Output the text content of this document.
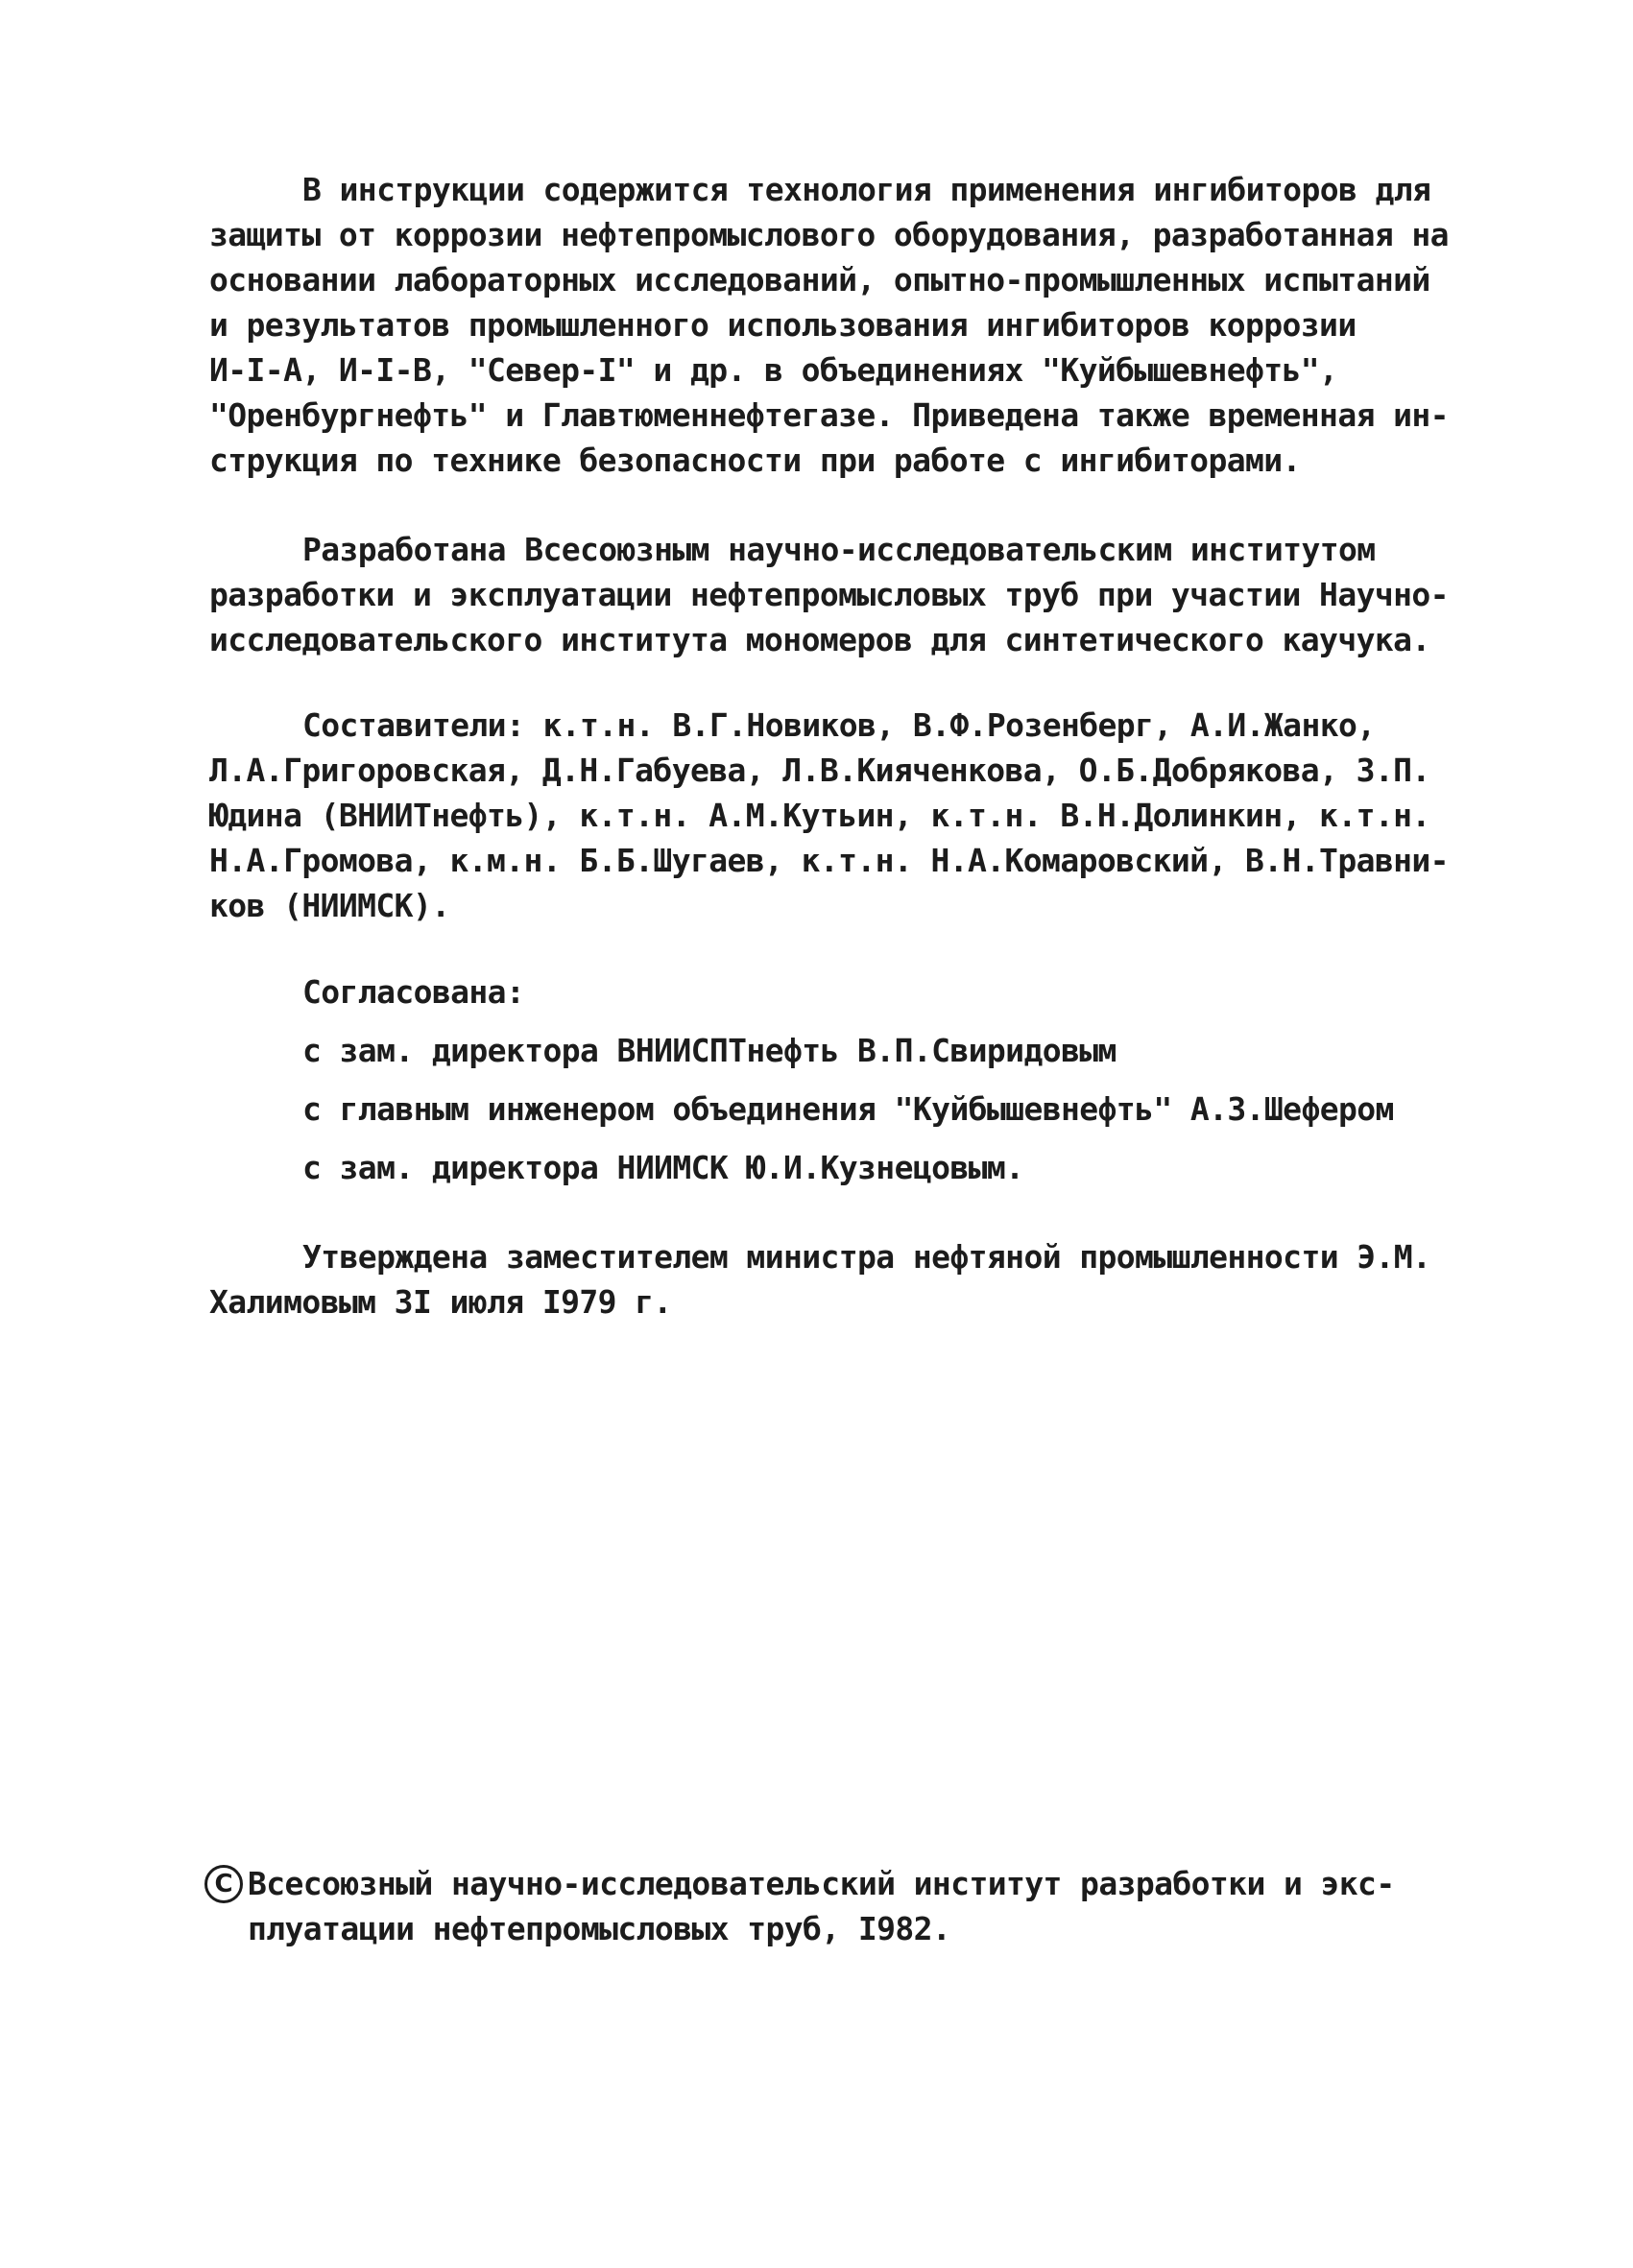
В инструкции содержится технология применения ингибиторов для
защиты от коррозии нефтепромыслового оборудования, разработанная на
основании лабораторных исследований, опытно-промышленных испытаний
и результатов промышленного использования ингибиторов коррозии
И-I-А, И-I-В, "Север-I" и др. в объединениях "Куйбышевнефть",
"Оренбургнефть" и Главтюменнефтегазе. Приведена также временная ин-
струкция по технике безопасности при работе с ингибиторами.
Разработана Всесоюзным научно-исследовательским институтом
разработки и эксплуатации нефтепромысловых труб при участии Научно-
исследовательского института мономеров для синтетического каучука.
Составители: к.т.н. В.Г.Новиков, В.Ф.Розенберг, А.И.Жанко,
Л.А.Григоровская, Д.Н.Габуева, Л.В.Киячeнкова, О.Б.Добрякова, З.П.
Юдина (ВНИИТнефть), к.т.н. А.М.Кутьин, к.т.н. В.Н.Долинкин, к.т.н.
Н.А.Громова, к.м.н. Б.Б.Шугаев, к.т.н. Н.А.Комаровский, В.Н.Травни-
ков (НИИМСК).
Согласована:
с зам. директора ВНИИСПТнефть В.П.Свиридовым
с главным инженером объединения "Куйбышевнефть" А.З.Шефером
с зам. директора НИИМСК Ю.И.Кузнецовым.
Утверждена заместителем министра нефтяной промышленности Э.М.
Халимовым 3I июля I979 г.
C Всесоюзный научно-исследовательский институт разработки и экс-
плуатации нефтепромысловых труб, I982.
